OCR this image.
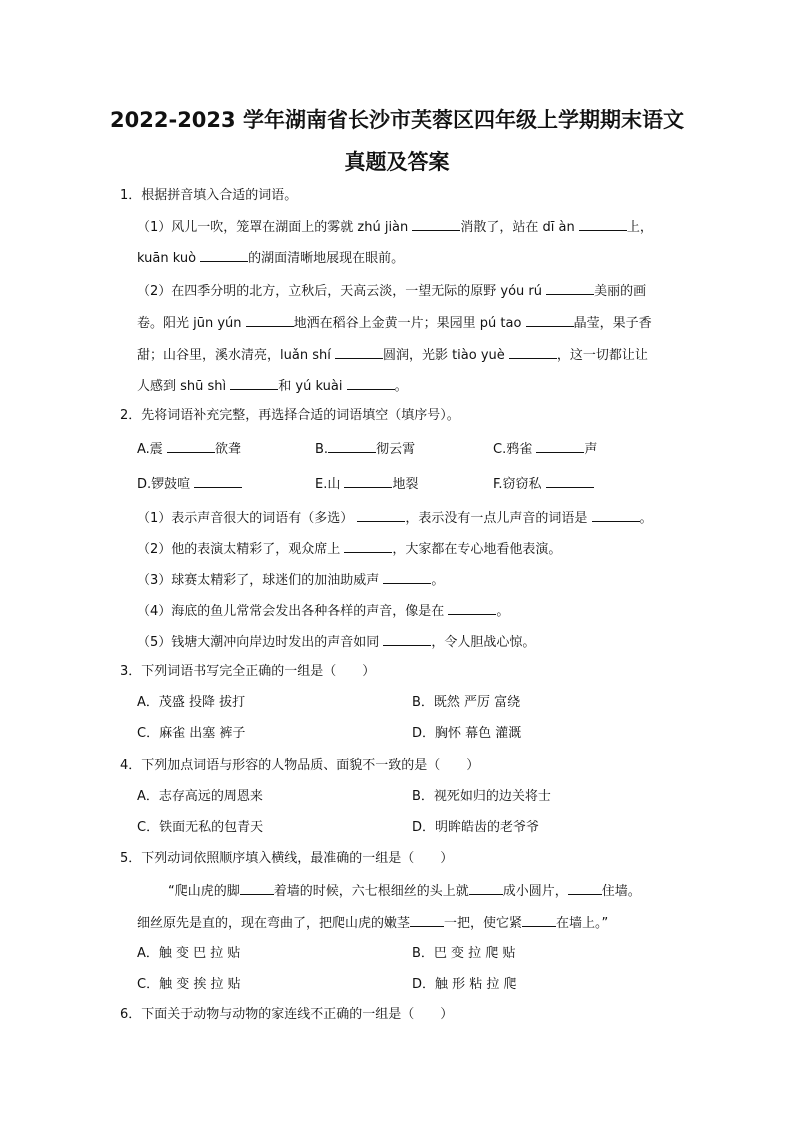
2022-2023 学年湖南省长沙市芙蓉区四年级上学期期末语文
真题及答案
1．根据拼音填入合适的词语。
（1）风儿一吹，笼罩在湖面上的雾就 zhú jiàn	消散了，站在 dī àn	上，
kuān kuò	的湖面清晰地展现在眼前。
（2）在四季分明的北方，立秋后，天高云淡，一望无际的原野 yóu rú	美丽的画
卷。阳光 jūn yún	地洒在稻谷上金黄一片；果园里 pú tao	晶莹，果子香
甜；山谷里，溪水清亮，luǎn shí	圆润，光影 tiào yuè	，这一切都让让
人感到 shū shì	和 yú kuài	。
2．先将词语补充完整，再选择合适的词语填空（填序号）。
A.震	欲聋	B.	彻云霄	C.鸦雀	声
D.锣鼓喧	E.山	地裂	F.窃窃私
（1）表示声音很大的词语有（多选）	，表示没有一点儿声音的词语是	。
（2）他的表演太精彩了，观众席上	，大家都在专心地看他表演。
（3）球赛太精彩了，球迷们的加油助威声	。
（4）海底的鱼儿常常会发出各种各样的声音，像是在	。
（5）钱塘大潮冲向岸边时发出的声音如同	，令人胆战心惊。
3．下列词语书写完全正确的一组是（　　）
A．茂盛 投降 拔打	B．既然 严厉 富绕
C．麻雀 出塞 裤子	D．胸怀 幕色 灌溉
4．下列加点词语与形容的人物品质、面貌不一致的是（　　）
A．志存高远的周恩来	B．视死如归的边关将士
C．铁面无私的包青天	D．明眸皓齿的老爷爷
5．下列动词依照顺序填入横线，最准确的一组是（　　）
“爬山虎的脚	着墙的时候，六七根细丝的头上就	成小圆片，	住墙。
细丝原先是直的，现在弯曲了，把爬山虎的嫩茎	一把，使它紧	在墙上。”
A．触 变 巴 拉 贴	B．巴 变 拉 爬 贴
C．触 变 挨 拉 贴	D．触 形 粘 拉 爬
6．下面关于动物与动物的家连线不正确的一组是（　　）
